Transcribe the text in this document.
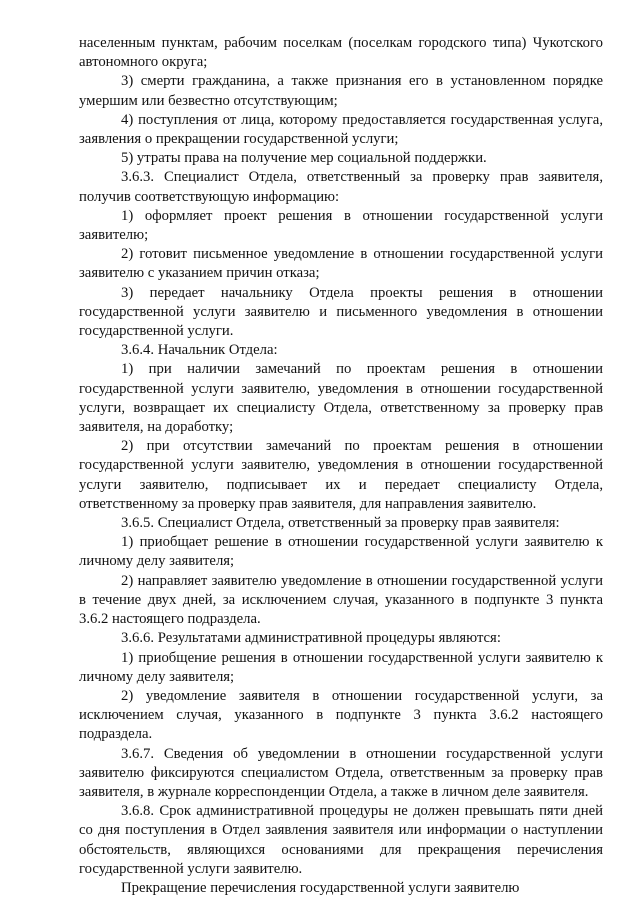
населенным пунктам, рабочим поселкам (поселкам городского типа) Чукотского автономного округа;

3) смерти гражданина, а также признания его в установленном порядке умершим или безвестно отсутствующим;

4) поступления от лица, которому предоставляется государственная услуга, заявления о прекращении государственной услуги;

5) утраты права на получение мер социальной поддержки.

3.6.3. Специалист Отдела, ответственный за проверку прав заявителя, получив соответствующую информацию:

1) оформляет проект решения в отношении государственной услуги заявителю;

2) готовит письменное уведомление в отношении государственной услуги заявителю с указанием причин отказа;

3) передает начальнику Отдела проекты решения в отношении государственной услуги заявителю и письменного уведомления в отношении государственной услуги.

3.6.4. Начальник Отдела:

1) при наличии замечаний по проектам решения в отношении государственной услуги заявителю, уведомления в отношении государственной услуги, возвращает их специалисту Отдела, ответственному за проверку прав заявителя, на доработку;

2) при отсутствии замечаний по проектам решения в отношении государственной услуги заявителю, уведомления в отношении государственной услуги заявителю, подписывает их и передает специалисту Отдела, ответственному за проверку прав заявителя, для направления заявителю.

3.6.5. Специалист Отдела, ответственный за проверку прав заявителя:

1) приобщает решение в отношении государственной услуги заявителю к личному делу заявителя;

2) направляет заявителю уведомление в отношении государственной услуги в течение двух дней, за исключением случая, указанного в подпункте 3 пункта 3.6.2 настоящего подраздела.

3.6.6. Результатами административной процедуры являются:

1) приобщение решения в отношении государственной услуги заявителю к личному делу заявителя;

2) уведомление заявителя в отношении государственной услуги, за исключением случая, указанного в подпункте 3 пункта 3.6.2 настоящего подраздела.

3.6.7. Сведения об уведомлении в отношении государственной услуги заявителю фиксируются специалистом Отдела, ответственным за проверку прав заявителя, в журнале корреспонденции Отдела, а также в личном деле заявителя.

3.6.8. Срок административной процедуры не должен превышать пяти дней со дня поступления в Отдел заявления заявителя или информации о наступлении обстоятельств, являющихся основаниями для прекращения перечисления государственной услуги заявителю.

Прекращение перечисления государственной услуги заявителю
